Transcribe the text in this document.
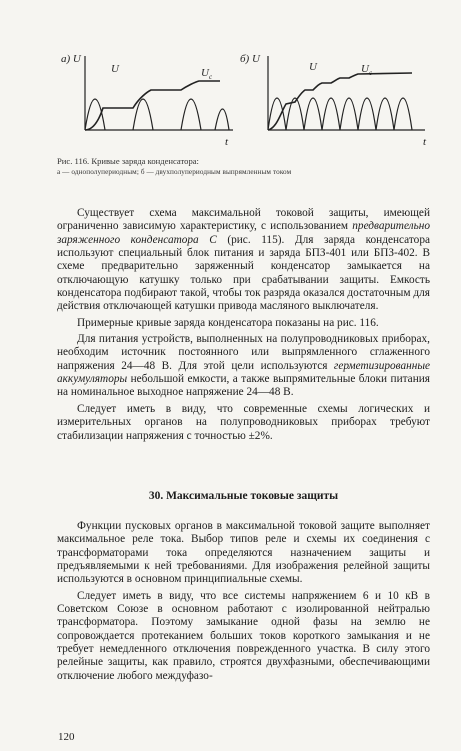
а) U
U	$U_c$
t
б) U
U	$U_c$
t
Рис. 116. Кривые заряда конденсатора:
а — однополупериодным; б — двухполупериодным выпрямленным током

Существует схема максимальной токовой защиты, имеющей ограниченно зависимую характеристику, с использованием предварительно заряженного конденсатора С (рис. 115). Для заряда конденсатора используют специальный блок питания и заряда БПЗ-401 или БПЗ-402. В схеме предварительно заряженный конденсатор замыкается на отключающую катушку только при срабатывании защиты. Емкость конденсатора подбирают такой, чтобы ток разряда оказался достаточным для действия отключающей катушки привода масляного выключателя.

Примерные кривые заряда конденсатора показаны на рис. 116.

Для питания устройств, выполненных на полупроводниковых приборах, необходим источник постоянного или выпрямленного сглаженного напряжения 24—48 В. Для этой цели используются герметизированные аккумуляторы небольшой емкости, а также выпрямительные блоки питания на номинальное выходное напряжение 24—48 В.

Следует иметь в виду, что современные схемы логических и измерительных органов на полупроводниковых приборах требуют стабилизации напряжения с точностью ±2%.

30. Максимальные токовые защиты

Функции пусковых органов в максимальной токовой защите выполняет максимальное реле тока. Выбор типов реле и схемы их соединения с трансформаторами тока определяются назначением защиты и предъявляемыми к ней требованиями. Для изображения релейной защиты используются в основном принципиальные схемы.

Следует иметь в виду, что все системы напряжением 6 и 10 кВ в Советском Союзе в основном работают с изолированной нейтралью трансформатора. Поэтому замыкание одной фазы на землю не сопровождается протеканием больших токов короткого замыкания и не требует немедленного отключения поврежденного участка. В силу этого релейные защиты, как правило, строятся двухфазными, обеспечивающими отключение любого междуфазо-

120
